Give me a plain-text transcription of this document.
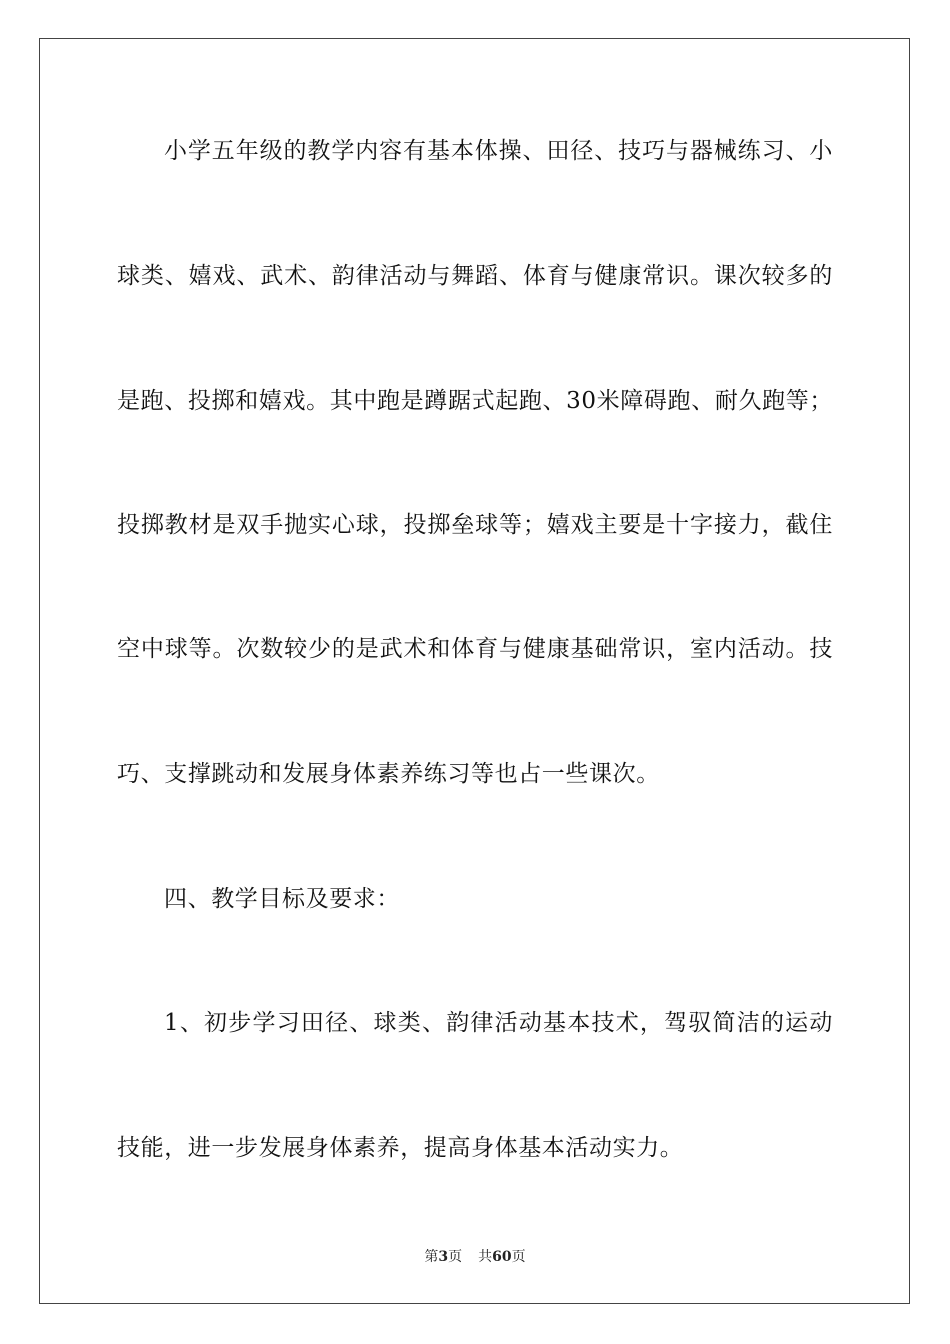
小学五年级的教学内容有基本体操、田径、技巧与器械练习、小
球类、嬉戏、武术、韵律活动与舞蹈、体育与健康常识。课次较多的
是跑、投掷和嬉戏。其中跑是蹲踞式起跑、30米障碍跑、耐久跑等；
投掷教材是双手抛实心球，投掷垒球等；嬉戏主要是十字接力，截住
空中球等。次数较少的是武术和体育与健康基础常识，室内活动。技
巧、支撑跳动和发展身体素养练习等也占一些课次。
四、教学目标及要求：
1、初步学习田径、球类、韵律活动基本技术，驾驭简洁的运动
技能，进一步发展身体素养，提高身体基本活动实力。
第3页 共60页
